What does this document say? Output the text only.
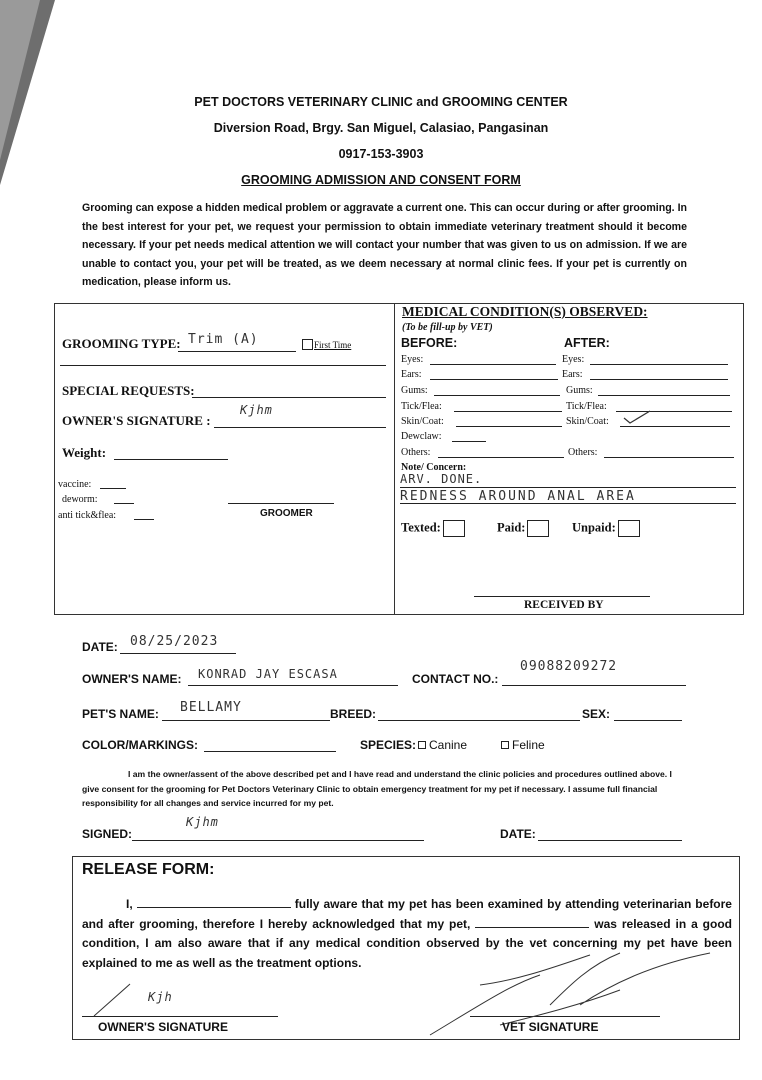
PET DOCTORS VETERINARY CLINIC and GROOMING CENTER
Diversion Road, Brgy. San Miguel, Calasiao, Pangasinan
0917-153-3903
GROOMING ADMISSION AND CONSENT FORM
Grooming can expose a hidden medical problem or aggravate a current one. This can occur during or after grooming. In the best interest for your pet, we request your permission to obtain immediate veterinary treatment should it become necessary. If your pet needs medical attention we will contact your number that was given to us on admission. If we are unable to contact you, your pet will be treated, as we deem necessary at normal clinic fees. If your pet is currently on medication, please inform us.
GROOMING TYPE: Trim (A)	First Time
SPECIAL REQUESTS:
OWNER'S SIGNATURE :
Kjhm
Weight:
vaccine:
deworm:
anti tick&flea:	GROOMER
MEDICAL CONDITION(S) OBSERVED:
(To be fill-up by VET)
BEFORE:	AFTER:
Eyes:	Eyes:
Ears:	Ears:
Gums:	Gums:
Tick/Flea:	Tick/Flea:
Skin/Coat:	Skin/Coat:
Dewclaw:
Others:	Others:
Note/ Concern:
ARV. DONE.
REDNESS AROUND ANAL AREA
Texted:	Paid:	Unpaid:
RECEIVED BY
DATE: 08/25/2023
OWNER'S NAME: KONRAD JAY ESCASA	CONTACT NO.:
09088209272
PET'S NAME: BELLAMY	BREED:	SEX:
COLOR/MARKINGS:	SPECIES: Canine	Feline
I am the owner/assent of the above described pet and I have read and understand the clinic policies and procedures outlined above. I give consent for the grooming for Pet Doctors Veterinary Clinic to obtain emergency treatment for my pet if necessary. I assume full financial responsibility for all changes and service incurred for my pet.
SIGNED:
Kjhm
DATE:
RELEASE FORM:
I,	fully aware that my pet has been examined by attending veterinarian before and after grooming, therefore I hereby acknowledged that my pet,	was released in a good condition, I am also aware that if any medical condition observed by the vet concerning my pet have been explained to me as well as the treatment options.
Kjh
OWNER'S SIGNATURE	VET SIGNATURE
